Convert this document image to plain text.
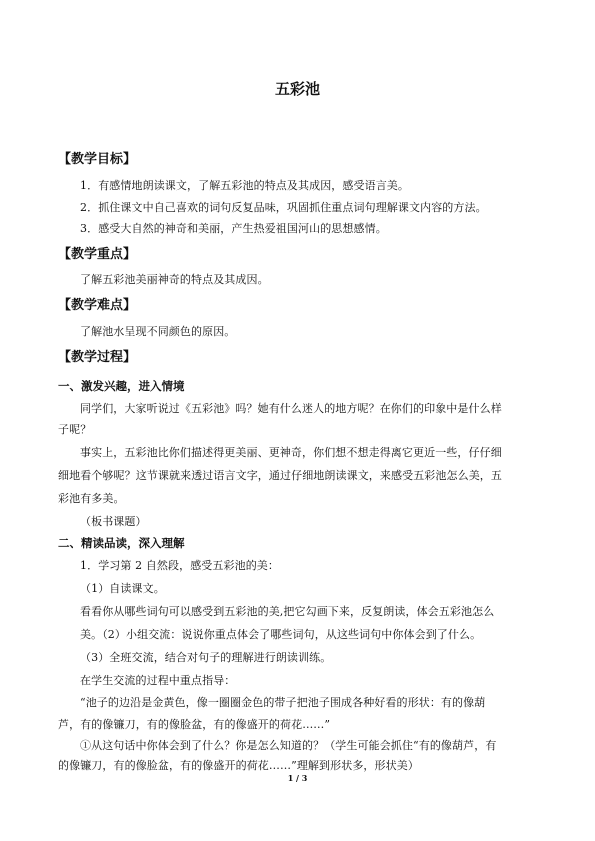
五彩池
【教学目标】
1．有感情地朗读课文，了解五彩池的特点及其成因，感受语言美。
2．抓住课文中自己喜欢的词句反复品味，巩固抓住重点词句理解课文内容的方法。
3．感受大自然的神奇和美丽，产生热爱祖国河山的思想感情。
【教学重点】
了解五彩池美丽神奇的特点及其成因。
【教学难点】
了解池水呈现不同颜色的原因。
【教学过程】
一、激发兴趣，进入情境
同学们，大家听说过《五彩池》吗？她有什么迷人的地方呢？在你们的印象中是什么样
子呢？
事实上，五彩池比你们描述得更美丽、更神奇，你们想不想走得离它更近一些，仔仔细
细地看个够呢？这节课就来透过语言文字，通过仔细地朗读课文，来感受五彩池怎么美，五
彩池有多美。
（板书课题）
二、精读品读，深入理解
1．学习第 2 自然段，感受五彩池的美：
（1）自读课文。
看看你从哪些词句可以感受到五彩池的美,把它勾画下来，反复朗读，体会五彩池怎么
美。（2）小组交流：说说你重点体会了哪些词句，从这些词句中你体会到了什么。
（3）全班交流，结合对句子的理解进行朗读训练。
在学生交流的过程中重点指导：
“池子的边沿是金黄色，像一圈圈金色的带子把池子围成各种好看的形状：有的像葫
芦，有的像镰刀，有的像脸盆，有的像盛开的荷花……”
①从这句话中你体会到了什么？你是怎么知道的？（学生可能会抓住“有的像葫芦，有
的像镰刀，有的像脸盆，有的像盛开的荷花……”理解到形状多，形状美）
1 / 3
